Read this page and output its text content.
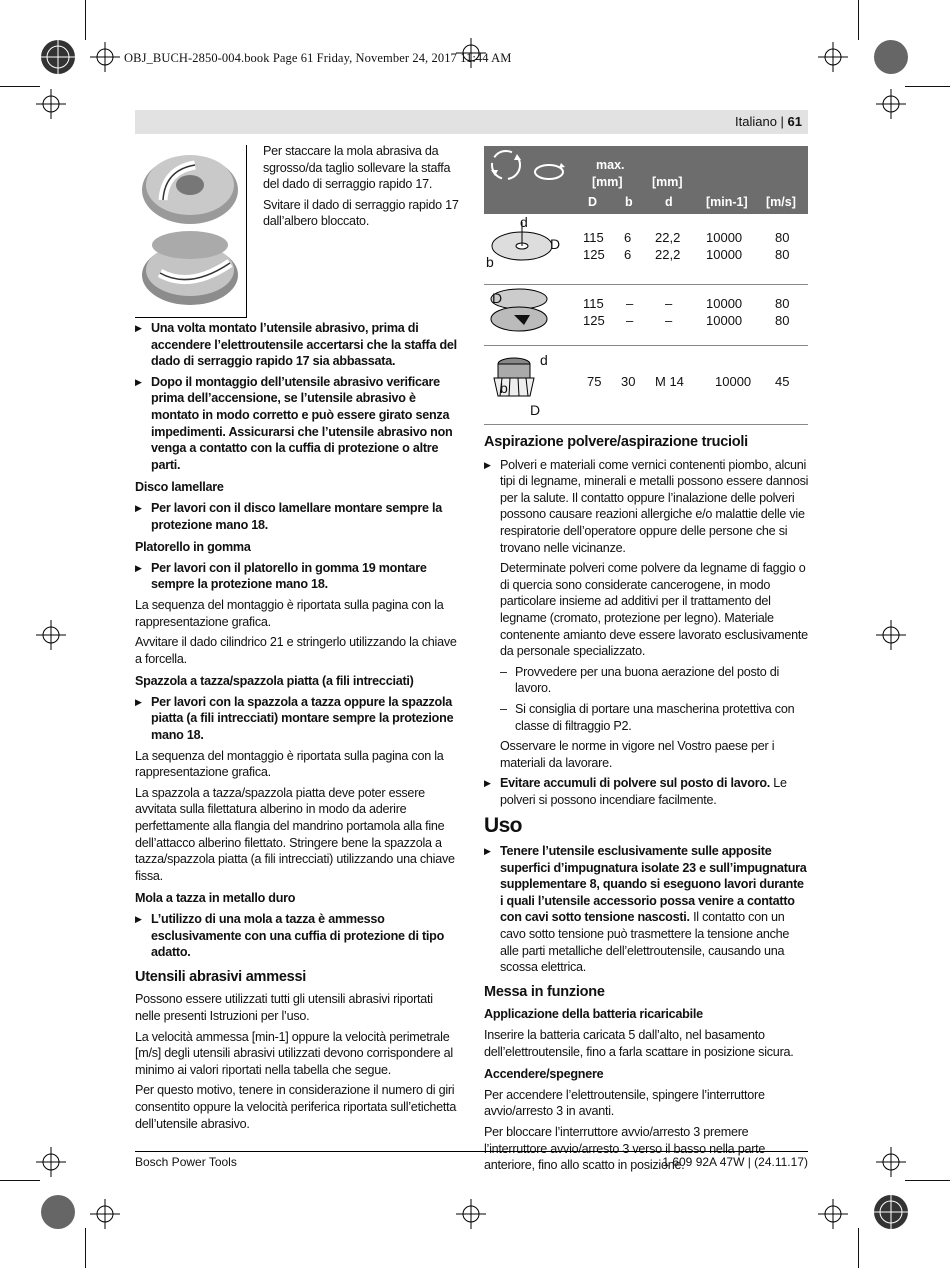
OBJ_BUCH-2850-004.book Page 61 Friday, November 24, 2017 11:44 AM
Italiano | 61

Per staccare la mola abrasiva da sgrosso/da taglio sollevare la staffa del dado di serraggio rapido 17.

Svitare il dado di serraggio rapido 17 dall’albero bloccato.

▶ Una volta montato l’utensile abrasivo, prima di accendere l’elettroutensile accertarsi che la staffa del dado di serraggio rapido 17 sia abbassata.

▶ Dopo il montaggio dell’utensile abrasivo verificare prima dell’accensione, se l’utensile abrasivo è montato in modo corretto e può essere girato senza impedimenti. Assicurarsi che l’utensile abrasivo non venga a contatto con la cuffia di protezione o altre parti.

Disco lamellare

▶ Per lavori con il disco lamellare montare sempre la protezione mano 18.

Platorello in gomma

▶ Per lavori con il platorello in gomma 19 montare sempre la protezione mano 18.

La sequenza del montaggio è riportata sulla pagina con la rappresentazione grafica.

Avvitare il dado cilindrico 21 e stringerlo utilizzando la chiave a forcella.

Spazzola a tazza/spazzola piatta (a fili intrecciati)

▶ Per lavori con la spazzola a tazza oppure la spazzola piatta (a fili intrecciati) montare sempre la protezione mano 18.

La sequenza del montaggio è riportata sulla pagina con la rappresentazione grafica.

La spazzola a tazza/spazzola piatta deve poter essere avvitata sulla filettatura alberino in modo da aderire perfettamente alla flangia del mandrino portamola alla fine dell’attacco alberino filettato. Stringere bene la spazzola a tazza/spazzola piatta (a fili intrecciati) utilizzando una chiave fissa.

Mola a tazza in metallo duro

▶ L’utilizzo di una mola a tazza è ammesso esclusivamente con una cuffia di protezione di tipo adatto.

Utensili abrasivi ammessi

Possono essere utilizzati tutti gli utensili abrasivi riportati nelle presenti Istruzioni per l’uso.

La velocità ammessa [min-1] oppure la velocità perimetrale [m/s] degli utensili abrasivi utilizzati devono corrispondere al minimo ai valori riportati nella tabella che segue.

Per questo motivo, tenere in considerazione il numero di giri consentito oppure la velocità periferica riportata sull’etichetta dell’utensile abrasivo.

max.
[mm] [mm]
D b	d	[min-1] [m/s]

d
D
b
115 6 22,2 10000	80
125 6 22,2 10000	80
D	115 – –	10000	80
125 – –	10000	80
d
b
D
75 30 M 14 10000 45

Aspirazione polvere/aspirazione trucioli

▶ Polveri e materiali come vernici contenenti piombo, alcuni tipi di legname, minerali e metalli possono essere dannosi per la salute. Il contatto oppure l’inalazione delle polveri possono causare reazioni allergiche e/o malattie delle vie respiratorie dell’operatore oppure delle persone che si trovano nelle vicinanze.

Determinate polveri come polvere da legname di faggio o di quercia sono considerate cancerogene, in modo particolare insieme ad additivi per il trattamento del legname (cromato, protezione per legno). Materiale contenente amianto deve essere lavorato esclusivamente da personale specializzato.

– Provvedere per una buona aerazione del posto di lavoro.

– Si consiglia di portare una mascherina protettiva con classe di filtraggio P2.

Osservare le norme in vigore nel Vostro paese per i materiali da lavorare.

▶ Evitare accumuli di polvere sul posto di lavoro. Le polveri si possono incendiare facilmente.

Uso

▶ Tenere l’utensile esclusivamente sulle apposite superfici d’impugnatura isolate 23 e sull’impugnatura supplementare 8, quando si eseguono lavori durante i quali l’utensile accessorio possa venire a contatto con cavi sotto tensione nascosti. Il contatto con un cavo sotto tensione può trasmettere la tensione anche alle parti metalliche dell’elettroutensile, causando una scossa elettrica.

Messa in funzione

Applicazione della batteria ricaricabile

Inserire la batteria caricata 5 dall’alto, nel basamento dell’elettroutensile, fino a farla scattare in posizione sicura.

Accendere/spegnere

Per accendere l’elettroutensile, spingere l’interruttore avvio/arresto 3 in avanti.

Per bloccare l’interruttore avvio/arresto 3 premere l’interruttore avvio/arresto 3 verso il basso nella parte anteriore, fino allo scatto in posizione.

Bosch Power Tools	1 609 92A 47W | (24.11.17)
